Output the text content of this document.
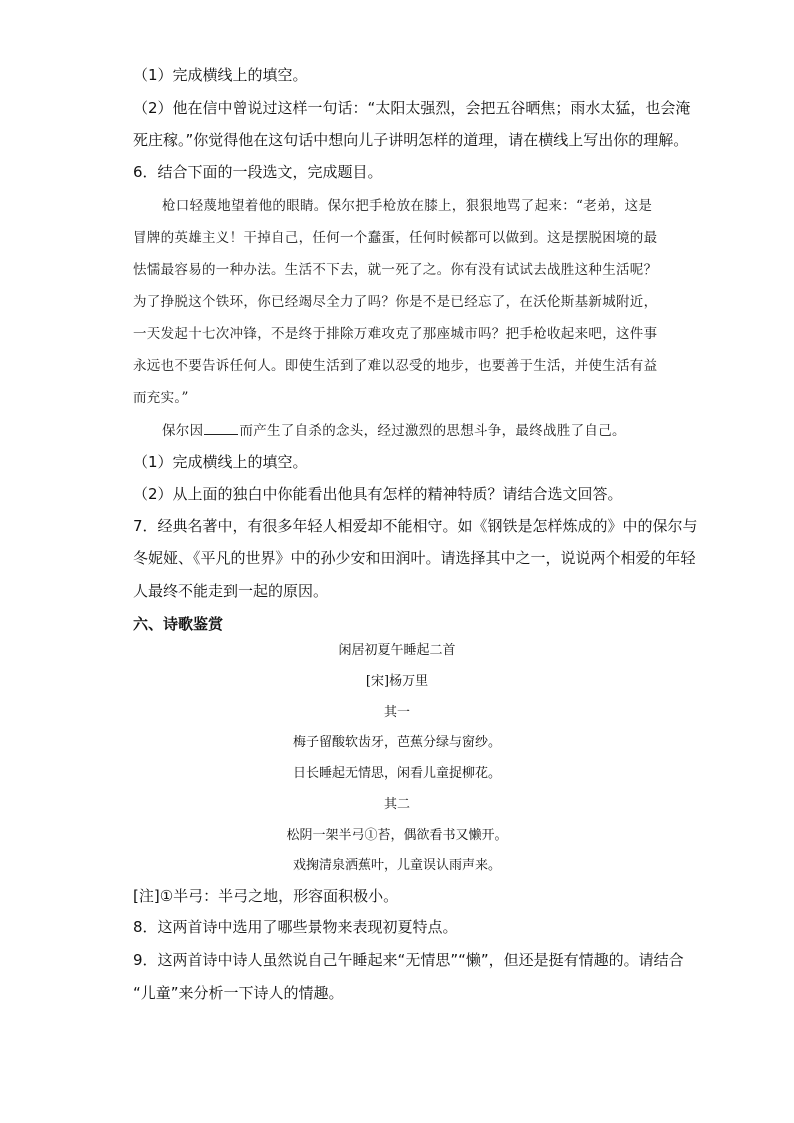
（1）完成横线上的填空。
（2）他在信中曾说过这样一句话：“太阳太强烈，会把五谷晒焦；雨水太猛，也会淹
死庄稼。”你觉得他在这句话中想向儿子讲明怎样的道理，请在横线上写出你的理解。
6．结合下面的一段选文，完成题目。
枪口轻蔑地望着他的眼睛。保尔把手枪放在膝上，狠狠地骂了起来：“老弟，这是
冒牌的英雄主义！干掉自己，任何一个蠢蛋，任何时候都可以做到。这是摆脱困境的最
怯懦最容易的一种办法。生活不下去，就一死了之。你有没有试试去战胜这种生活呢？
为了挣脱这个铁环，你已经竭尽全力了吗？你是不是已经忘了，在沃伦斯基新城附近，
一天发起十七次冲锋，不是终于排除万难攻克了那座城市吗？把手枪收起来吧，这件事
永远也不要告诉任何人。即使生活到了难以忍受的地步，也要善于生活，并使生活有益
而充实。”
保尔因	而产生了自杀的念头，经过激烈的思想斗争，最终战胜了自己。
（1）完成横线上的填空。
（2）从上面的独白中你能看出他具有怎样的精神特质？请结合选文回答。
7．经典名著中，有很多年轻人相爱却不能相守。如《钢铁是怎样炼成的》中的保尔与
冬妮娅、《平凡的世界》中的孙少安和田润叶。请选择其中之一，说说两个相爱的年轻
人最终不能走到一起的原因。
六、诗歌鉴赏
闲居初夏午睡起二首
[宋]杨万里
其一
梅子留酸软齿牙，芭蕉分绿与窗纱。
日长睡起无情思，闲看儿童捉柳花。
其二
松阴一架半弓①苔，偶欲看书又懒开。
戏掬清泉洒蕉叶，儿童误认雨声来。
[注]①半弓：半弓之地，形容面积极小。
8．这两首诗中选用了哪些景物来表现初夏特点。
9．这两首诗中诗人虽然说自己午睡起来“无情思”“懒”，但还是挺有情趣的。请结合
“儿童”来分析一下诗人的情趣。
